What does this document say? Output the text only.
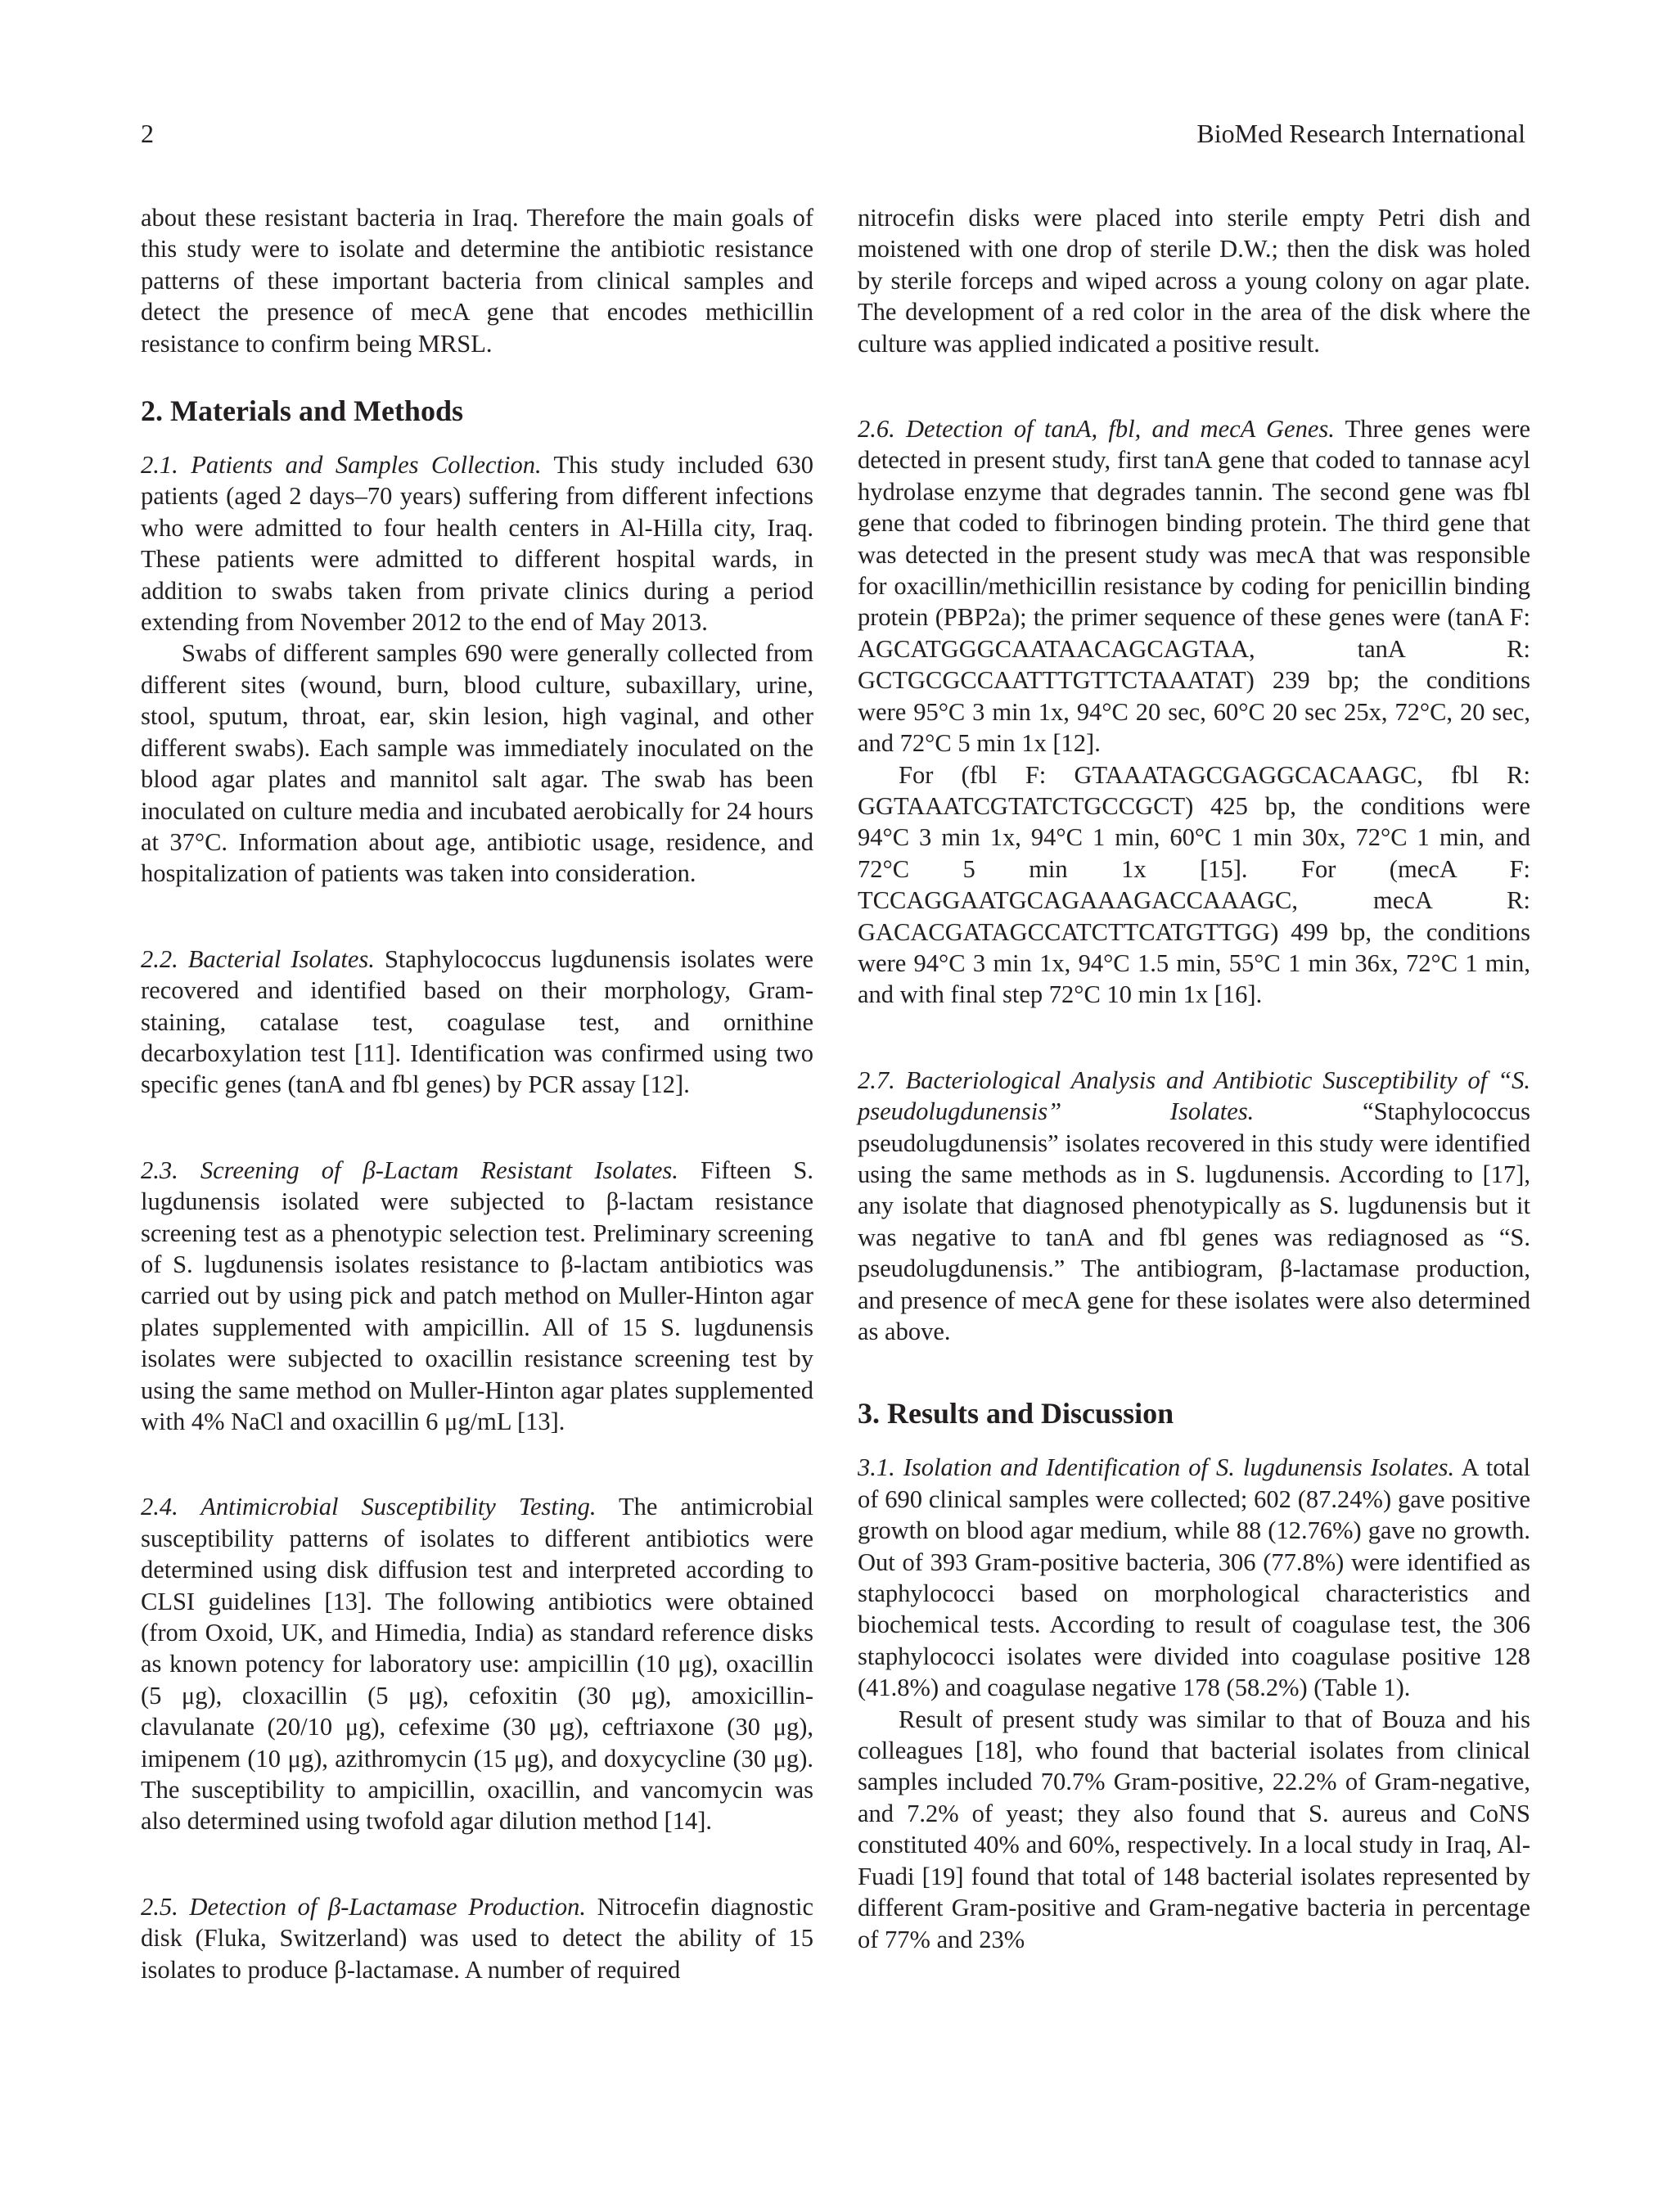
2	BioMed Research International

about these resistant bacteria in Iraq. Therefore the main goals of this study were to isolate and determine the antibiotic resistance patterns of these important bacteria from clinical samples and detect the presence of mecA gene that encodes methicillin resistance to confirm being MRSL.

2. Materials and Methods

2.1. Patients and Samples Collection. This study included 630 patients (aged 2 days–70 years) suffering from different infections who were admitted to four health centers in Al-Hilla city, Iraq. These patients were admitted to different hospital wards, in addition to swabs taken from private clinics during a period extending from November 2012 to the end of May 2013.

Swabs of different samples 690 were generally collected from different sites (wound, burn, blood culture, subaxillary, urine, stool, sputum, throat, ear, skin lesion, high vaginal, and other different swabs). Each sample was immediately inoculated on the blood agar plates and mannitol salt agar. The swab has been inoculated on culture media and incubated aerobically for 24 hours at 37°C. Information about age, antibiotic usage, residence, and hospitalization of patients was taken into consideration.

2.2. Bacterial Isolates. Staphylococcus lugdunensis isolates were recovered and identified based on their morphology, Gram-staining, catalase test, coagulase test, and ornithine decarboxylation test [11]. Identification was confirmed using two specific genes (tanA and fbl genes) by PCR assay [12].

2.3. Screening of β-Lactam Resistant Isolates. Fifteen S. lugdunensis isolated were subjected to β-lactam resistance screening test as a phenotypic selection test. Preliminary screening of S. lugdunensis isolates resistance to β-lactam antibiotics was carried out by using pick and patch method on Muller-Hinton agar plates supplemented with ampicillin. All of 15 S. lugdunensis isolates were subjected to oxacillin resistance screening test by using the same method on Muller-Hinton agar plates supplemented with 4% NaCl and oxacillin 6 μg/mL [13].

2.4. Antimicrobial Susceptibility Testing. The antimicrobial susceptibility patterns of isolates to different antibiotics were determined using disk diffusion test and interpreted according to CLSI guidelines [13]. The following antibiotics were obtained (from Oxoid, UK, and Himedia, India) as standard reference disks as known potency for laboratory use: ampicillin (10 μg), oxacillin (5 μg), cloxacillin (5 μg), cefoxitin (30 μg), amoxicillin-clavulanate (20/10 μg), cefexime (30 μg), ceftriaxone (30 μg), imipenem (10 μg), azithromycin (15 μg), and doxycycline (30 μg). The susceptibility to ampicillin, oxacillin, and vancomycin was also determined using twofold agar dilution method [14].

2.5. Detection of β-Lactamase Production. Nitrocefin diagnostic disk (Fluka, Switzerland) was used to detect the ability of 15 isolates to produce β-lactamase. A number of required

nitrocefin disks were placed into sterile empty Petri dish and moistened with one drop of sterile D.W.; then the disk was holed by sterile forceps and wiped across a young colony on agar plate. The development of a red color in the area of the disk where the culture was applied indicated a positive result.

2.6. Detection of tanA, fbl, and mecA Genes. Three genes were detected in present study, first tanA gene that coded to tannase acyl hydrolase enzyme that degrades tannin. The second gene was fbl gene that coded to fibrinogen binding protein. The third gene that was detected in the present study was mecA that was responsible for oxacillin/methicillin resistance by coding for penicillin binding protein (PBP2a); the primer sequence of these genes were (tanA F: AGCATGGGCAATAACAGCAGTAA, tanA R: GCTGCGCCAATTTGTTCTAAATAT) 239 bp; the conditions were 95°C 3 min 1x, 94°C 20 sec, 60°C 20 sec 25x, 72°C, 20 sec, and 72°C 5 min 1x [12].

For (fbl F: GTAAATAGCGAGGCACAAGC, fbl R: GGTAAATCGTATCTGCCGCT) 425 bp, the conditions were 94°C 3 min 1x, 94°C 1 min, 60°C 1 min 30x, 72°C 1 min, and 72°C 5 min 1x [15]. For (mecA F: TCCAGGAATGCAGAAAGACCAAAGC, mecA R: GACACGATAGCCATCTTCATGTTGG) 499 bp, the conditions were 94°C 3 min 1x, 94°C 1.5 min, 55°C 1 min 36x, 72°C 1 min, and with final step 72°C 10 min 1x [16].

2.7. Bacteriological Analysis and Antibiotic Susceptibility of “S. pseudolugdunensis” Isolates.	“Staphylococcus pseudolugdunensis” isolates recovered in this study were identified using the same methods as in S. lugdunensis. According to [17], any isolate that diagnosed phenotypically as S. lugdunensis but it was negative to tanA and fbl genes was rediagnosed as “S. pseudolugdunensis.” The antibiogram, β-lactamase production, and presence of mecA gene for these isolates were also determined as above.

3. Results and Discussion

3.1. Isolation and Identification of S. lugdunensis Isolates. A total of 690 clinical samples were collected; 602 (87.24%) gave positive growth on blood agar medium, while 88 (12.76%) gave no growth. Out of 393 Gram-positive bacteria, 306 (77.8%) were identified as staphylococci based on morphological characteristics and biochemical tests. According to result of coagulase test, the 306 staphylococci isolates were divided into coagulase positive 128 (41.8%) and coagulase negative 178 (58.2%) (Table 1).

Result of present study was similar to that of Bouza and his colleagues [18], who found that bacterial isolates from clinical samples included 70.7% Gram-positive, 22.2% of Gram-negative, and 7.2% of yeast; they also found that S. aureus and CoNS constituted 40% and 60%, respectively. In a local study in Iraq, Al-Fuadi [19] found that total of 148 bacterial isolates represented by different Gram-positive and Gram-negative bacteria in percentage of 77% and 23%
